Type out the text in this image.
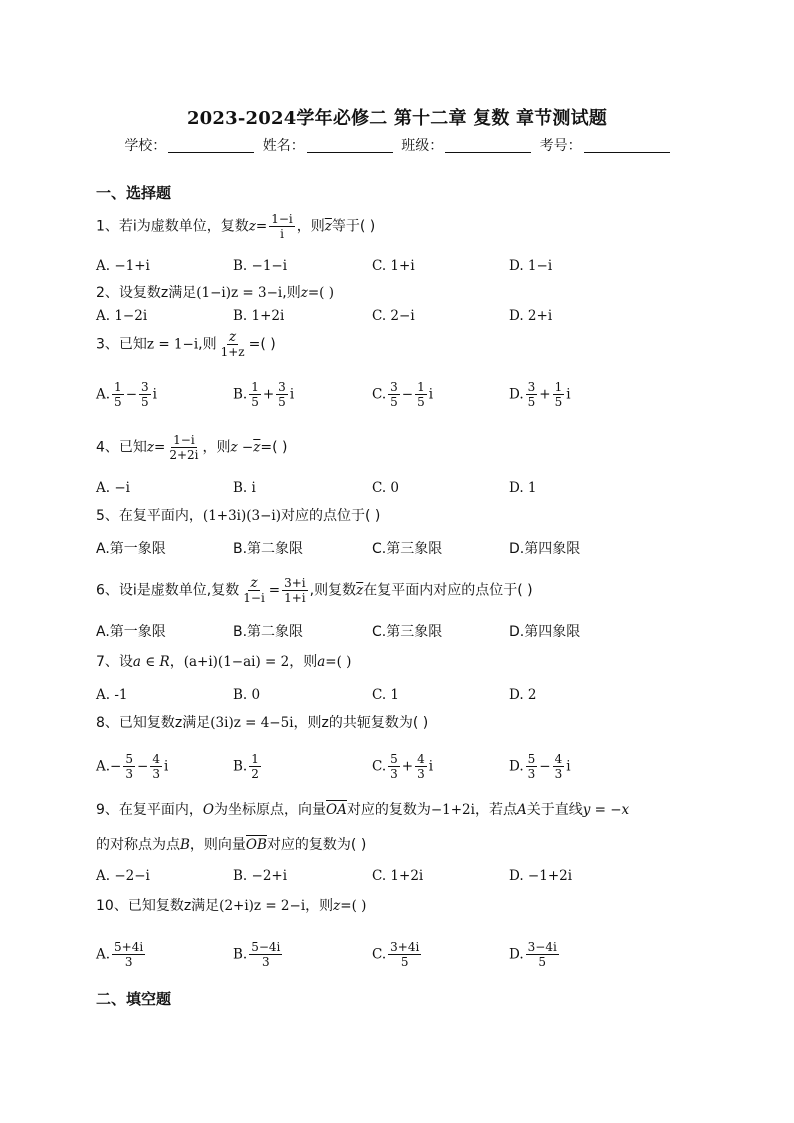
2023-2024学年必修二 第十二章 复数 章节测试题
学校：	姓名：	班级：	考号：
一、选择题
1、若i为虚数单位，复数$z= \frac{1-i}{i}$ ，则$\overline{z}$等于( )
A. −1+i	B. −1−i	C. 1+i	D. 1−i
2、设复数z满足(1−i)z = 3−i,则z=( )
A. 1−2i	B. 1+2i	C. 2−i	D. 2+i
3、已知z = 1−i,则 $\frac{z}{1+z}$ =( )
A. $\frac{1}{5} - \frac{3}{5}$ i	B. $\frac{1}{5} + \frac{3}{5}$ i	C. $\frac{3}{5} - \frac{1}{5}$ i	D. $\frac{3}{5} + \frac{1}{5}$ i
4、已知$z= \frac{1-i}{2+2i}$ ，则$z -\overline{z}=$( )
A. −i	B. i	C. 0	D. 1
5、在复平面内，(1+3i)(3−i)对应的点位于( )
A.第一象限	B.第二象限	C.第三象限	D.第四象限
6、设i是虚数单位,复数 $\frac{z}{1-i} = \frac{3+i}{1+i}$ ,则复数$\overline{z}$在复平面内对应的点位于( )
A.第一象限	B.第二象限	C.第三象限	D.第四象限
7、设a ∈ R，(a+i)(1−ai) = 2，则a=( )
A. -1	B. 0	C. 1	D. 2
8、已知复数z满足(3i)z = 4−5i，则z的共轭复数为( )
$A.- \frac{5}{3} - \frac{4}{3}$ i	B. $\frac{1}{2}$	C. $\frac{5}{3} + \frac{4}{3}$ i	D. $\frac{5}{3} - \frac{4}{3}$ i
9、在复平面内，O为坐标原点，向量OA对应的复数为−1+2i，若点A关于直线y = −x
的对称点为点B，则向量OB对应的复数为( )
A. −2−i	B. −2+i	C. 1+2i	D. −1+2i
10、已知复数z满足(2+i)z = 2−i，则z=( )
A. $\frac{5+4i}{3}$	B. $\frac{5-4i}{3}$	C. $\frac{3+4i}{5}$	D. $\frac{3-4i}{5}$
二、填空题
